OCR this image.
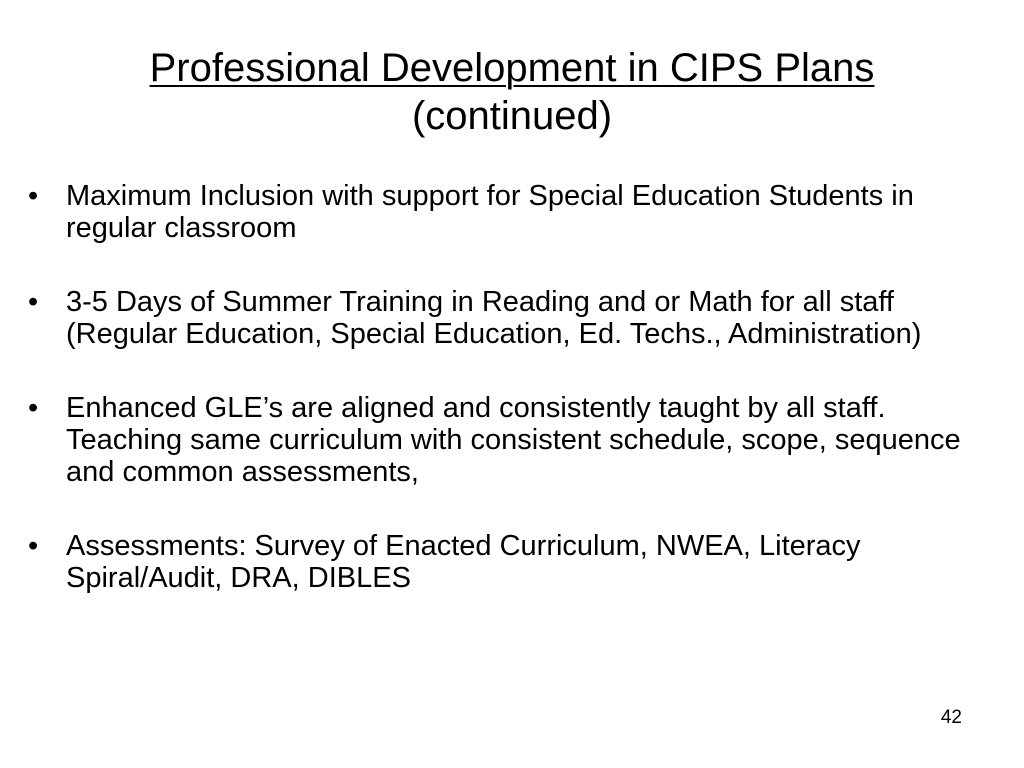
Professional Development in CIPS Plans
(continued)
• Maximum Inclusion with support for Special Education Students in regular classroom
• 3-5 Days of Summer Training in Reading and or Math for all staff (Regular Education, Special Education, Ed. Techs., Administration)
• Enhanced GLE’s are aligned and consistently taught by all staff. Teaching same curriculum with consistent schedule, scope, sequence and common assessments,
• Assessments: Survey of Enacted Curriculum, NWEA, Literacy Spiral/Audit, DRA, DIBLES
42
